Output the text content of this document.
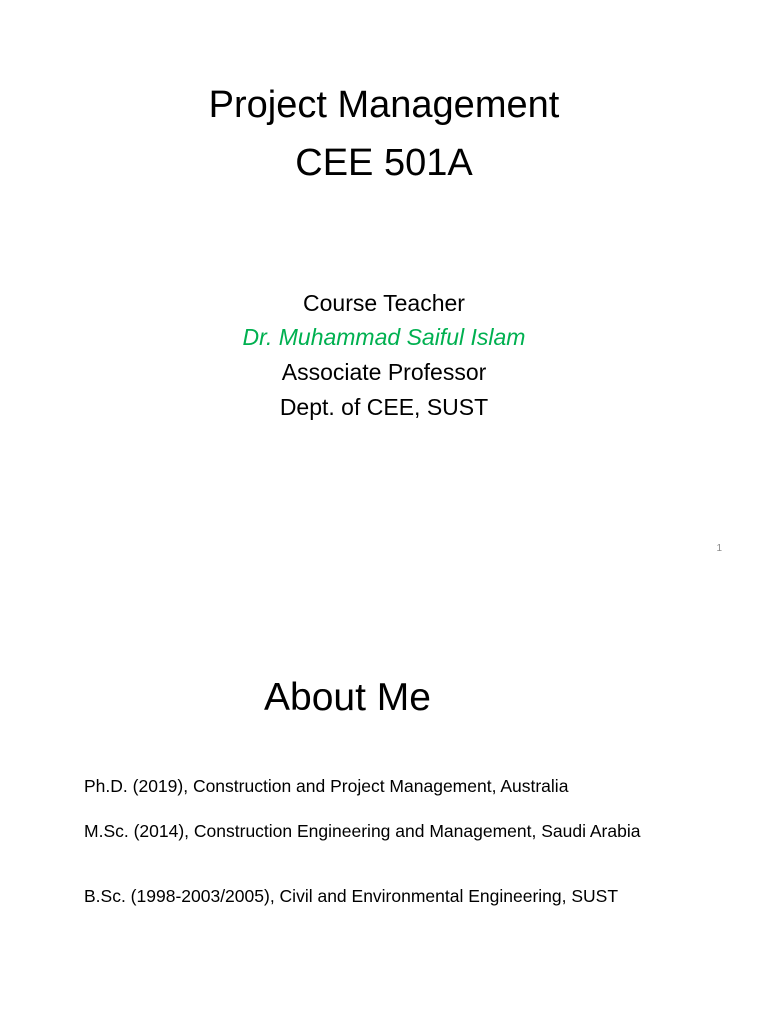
Project Management
CEE 501A
Course Teacher
Dr. Muhammad Saiful Islam
Associate Professor
Dept. of CEE, SUST
1
About Me
Ph.D. (2019), Construction and Project Management, Australia
M.Sc. (2014), Construction Engineering and Management, Saudi Arabia
B.Sc. (1998-2003/2005), Civil and Environmental Engineering, SUST
